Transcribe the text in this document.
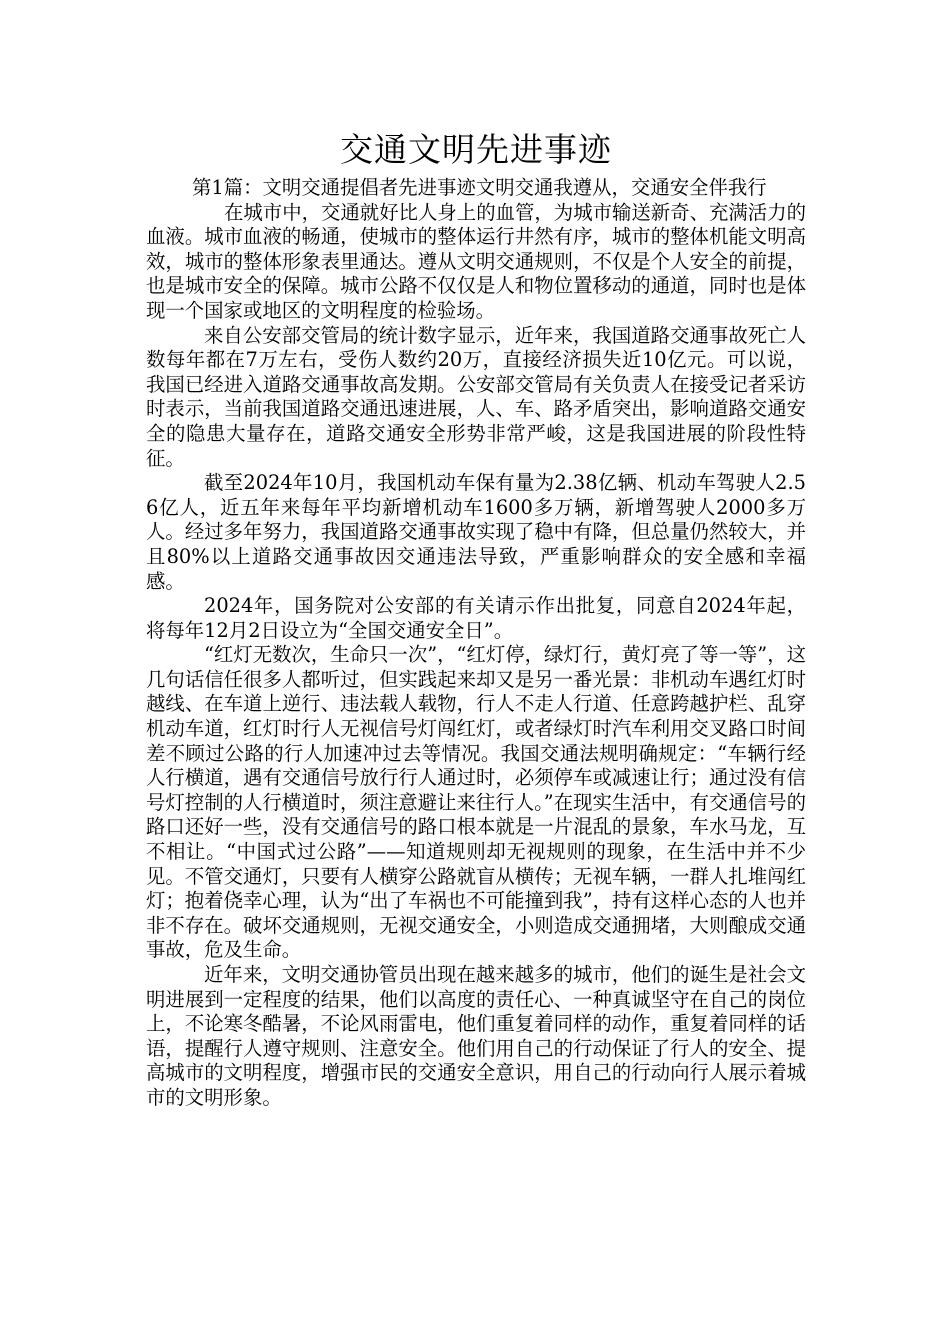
交通文明先进事迹

第1篇：文明交通提倡者先进事迹文明交通我遵从，交通安全伴我行

在城市中，交通就好比人身上的血管，为城市输送新奇、充满活力的血液。城市血液的畅通，使城市的整体运行井然有序，城市的整体机能文明高效，城市的整体形象表里通达。遵从文明交通规则，不仅是个人安全的前提，也是城市安全的保障。城市公路不仅仅是人和物位置移动的通道，同时也是体现一个国家或地区的文明程度的检验场。

来自公安部交管局的统计数字显示，近年来，我国道路交通事故死亡人数每年都在7万左右，受伤人数约20万，直接经济损失近10亿元。可以说，我国已经进入道路交通事故高发期。公安部交管局有关负责人在接受记者采访时表示，当前我国道路交通迅速进展，人、车、路矛盾突出，影响道路交通安全的隐患大量存在，道路交通安全形势非常严峻，这是我国进展的阶段性特征。

截至2024年10月，我国机动车保有量为2.38亿辆、机动车驾驶人2.56亿人，近五年来每年平均新增机动车1600多万辆，新增驾驶人2000多万人。经过多年努力，我国道路交通事故实现了稳中有降，但总量仍然较大，并且80%以上道路交通事故因交通违法导致，严重影响群众的安全感和幸福感。

2024年，国务院对公安部的有关请示作出批复，同意自2024年起，将每年12月2日设立为“全国交通安全日”。

“红灯无数次，生命只一次”，“红灯停，绿灯行，黄灯亮了等一等”，这几句话信任很多人都听过，但实践起来却又是另一番光景：非机动车遇红灯时越线、在车道上逆行、违法载人载物，行人不走人行道、任意跨越护栏、乱穿机动车道，红灯时行人无视信号灯闯红灯，或者绿灯时汽车利用交叉路口时间差不顾过公路的行人加速冲过去等情况。我国交通法规明确规定：“车辆行经人行横道，遇有交通信号放行行人通过时，必须停车或减速让行；通过没有信号灯控制的人行横道时，须注意避让来往行人。”在现实生活中，有交通信号的路口还好一些，没有交通信号的路口根本就是一片混乱的景象，车水马龙，互不相让。“中国式过公路”——知道规则却无视规则的现象，在生活中并不少见。不管交通灯，只要有人横穿公路就盲从横传；无视车辆，一群人扎堆闯红灯；抱着侥幸心理，认为“出了车祸也不可能撞到我”，持有这样心态的人也并非不存在。破坏交通规则，无视交通安全，小则造成交通拥堵，大则酿成交通事故，危及生命。

近年来，文明交通协管员出现在越来越多的城市，他们的诞生是社会文明进展到一定程度的结果，他们以高度的责任心、一种真诚坚守在自己的岗位上，不论寒冬酷暑，不论风雨雷电，他们重复着同样的动作，重复着同样的话语，提醒行人遵守规则、注意安全。他们用自己的行动保证了行人的安全、提高城市的文明程度，增强市民的交通安全意识，用自己的行动向行人展示着城市的文明形象。
